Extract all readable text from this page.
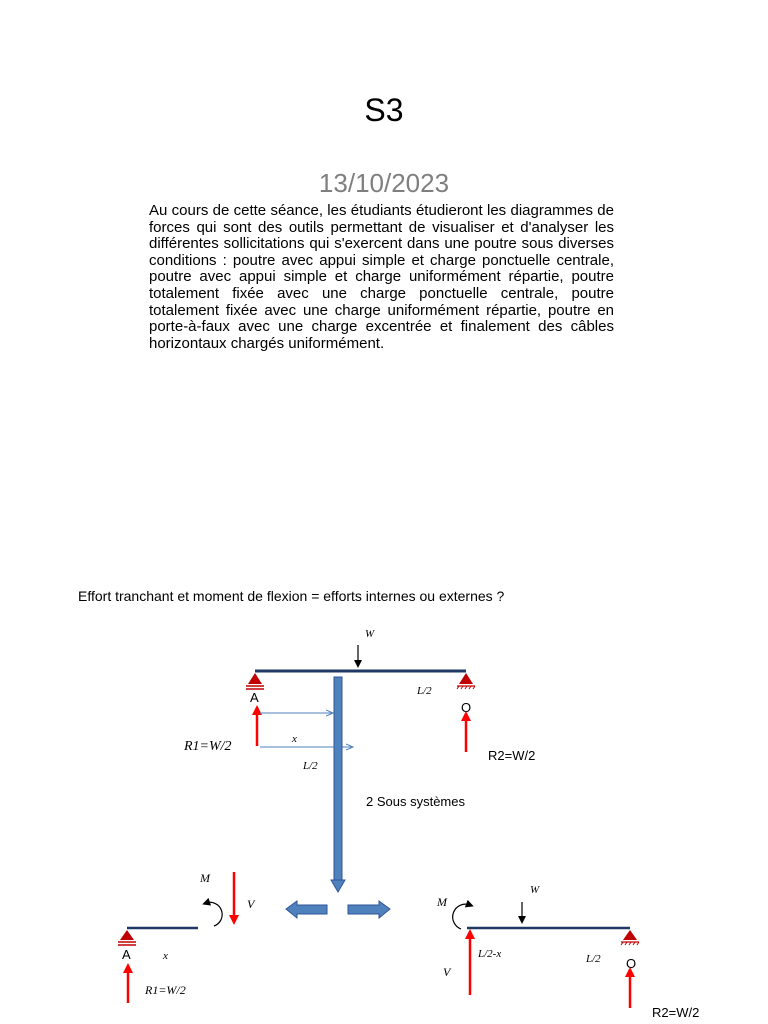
S3
13/10/2023
Au cours de cette séance, les étudiants étudieront les diagrammes de forces qui sont des outils permettant de visualiser et d'analyser les différentes sollicitations qui s'exercent dans une poutre sous diverses conditions : poutre avec appui simple et charge ponctuelle centrale, poutre avec appui simple et charge uniformément répartie, poutre totalement fixée avec une charge ponctuelle centrale, poutre totalement fixée avec une charge uniformément répartie, poutre en porte-à-faux avec une charge excentrée et finalement des câbles horizontaux chargés uniformément.
Effort tranchant et moment de flexion = efforts internes ou externes ?
W
A
O
L/2
R1=W/2
R2=W/2
x
L/2
2 Sous systèmes
A	x
M
V
R1=W/2
O
W
M
V
L/2-x	L/2
R2=W/2
